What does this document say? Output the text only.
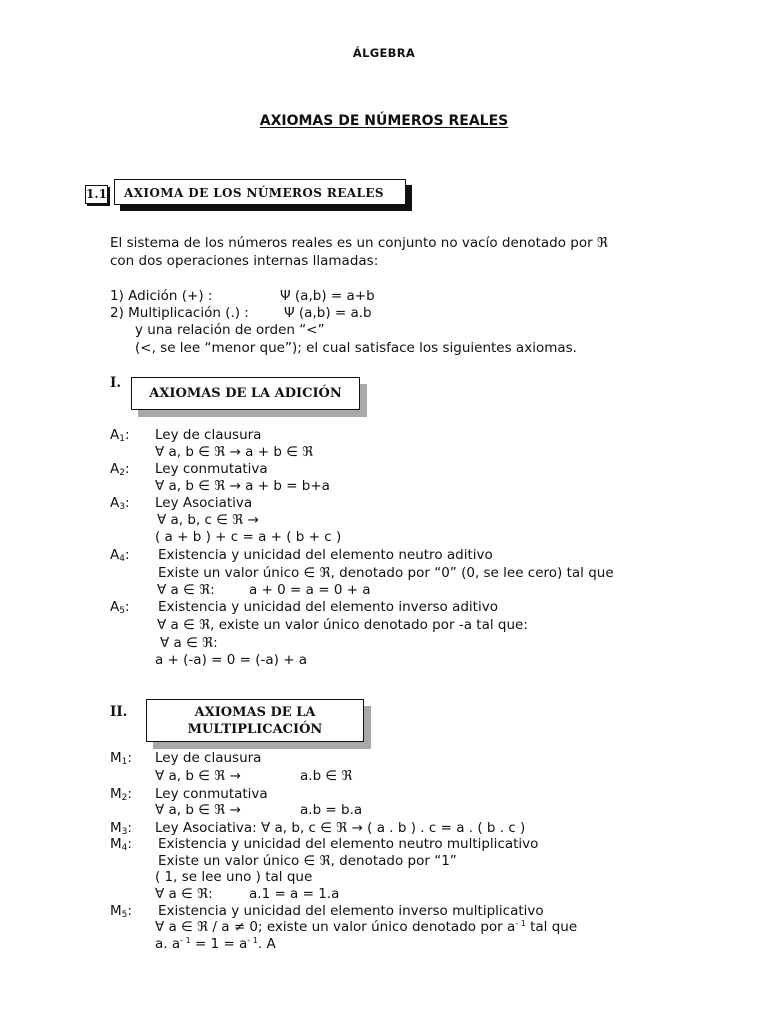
ÁLGEBRA
AXIOMAS DE NÚMEROS REALES
1.1	AXIOMA DE LOS NÚMEROS REALES
El sistema de los números reales es un conjunto no vacío denotado por ℜ
con dos operaciones internas llamadas:
1) Adición (+) :	Ψ (a,b) = a+b
2) Multiplicación (.) :	Ψ (a,b) = a.b
y una relación de orden “<”
(<, se lee “menor que”); el cual satisface los siguientes axiomas.
I.
AXIOMAS DE LA ADICIÓN
$A_1$: Ley de clausura
∀ a, b ∈ ℜ → a + b ∈ ℜ
$A_2$: Ley conmutativa
∀ a, b ∈ ℜ → a + b = b+a
$A_3$: Ley Asociativa
∀ a, b, c ∈ ℜ →
( a + b ) + c = a + ( b + c )
$A_4$: Existencia y unicidad del elemento neutro aditivo
Existe un valor único ∈ ℜ, denotado por “0” (0, se lee cero) tal que
∀ a ∈ ℜ:	a + 0 = a = 0 + a
$A_5$: Existencia y unicidad del elemento inverso aditivo
∀ a ∈ ℜ, existe un valor único denotado por -a tal que:
∀ a ∈ ℜ:
a + (-a) = 0 = (-a) + a
II.	AXIOMAS DE LA
MULTIPLICACIÓN
$M_1$: Ley de clausura
∀ a, b ∈ ℜ →	a.b ∈ ℜ
$M_2$: Ley conmutativa
∀ a, b ∈ ℜ →	a.b = b.a
$M_3$: Ley Asociativa: ∀ a, b, c ∈ ℜ → ( a . b ) . c = a . ( b . c )
$M_4$: Existencia y unicidad del elemento neutro multiplicativo
Existe un valor único ∈ ℜ, denotado por “1”
( 1, se lee uno ) tal que
∀ a ∈ ℜ:	a.1 = a = 1.a
$M_5$: Existencia y unicidad del elemento inverso multiplicativo
∀ a ∈ ℜ / a ≠ 0; existe un valor único denotado por $a^{- 1}$ tal que
a. $a^{- 1} = 1 = a^{- 1}$. A
